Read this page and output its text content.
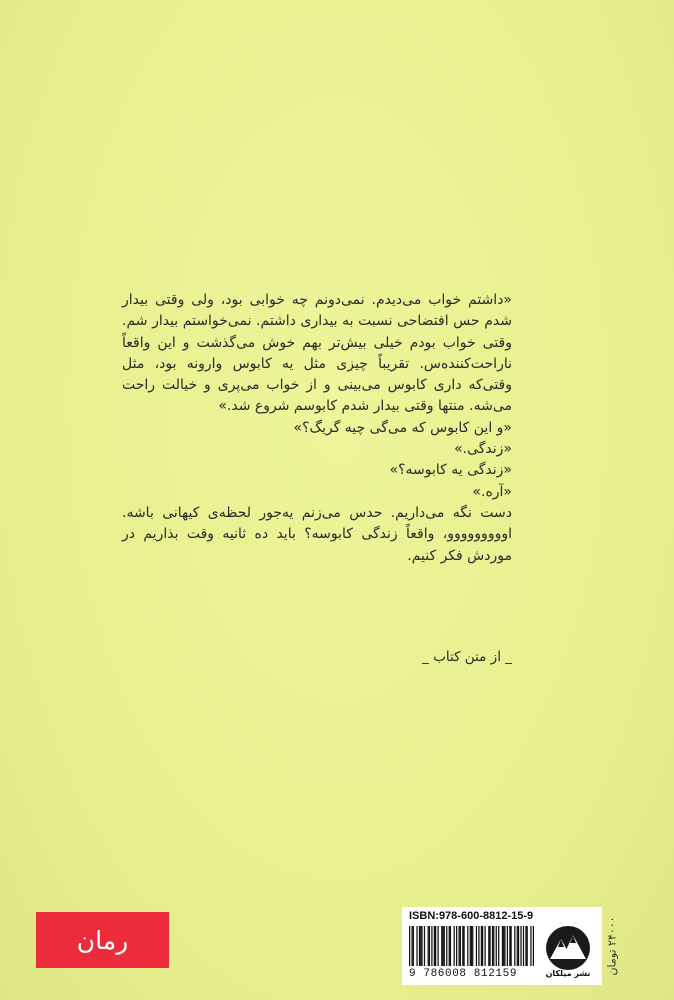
«داشتم خواب می‌دیدم. نمی‌دونم چه خوابی بود، ولی وقتی بیدار شدم حس افتضاحی نسبت به بیداری داشتم. نمی‌خواستم بیدار شم. وقتی خواب بودم خیلی بیش‌تر بهم خوش می‌گذشت و این واقعاً ناراحت‌کننده‌س. تقریباً چیزی مثل یه کابوس وارونه بود، مثل وقتی‌که داری کابوس می‌بینی و از خواب می‌پری و خیالت راحت می‌شه. منتها وقتی بیدار شدم کابوسم شروع شد.»

«و این کابوس که می‌گی چیه گریگ؟»

«زندگی.»

«زندگی یه کابوسه؟»

«آره.»

دست نگه می‌داریم. حدس می‌زنم یه‌جور لحظه‌ی کیهانی باشه. اووووووووو، واقعاً زندگی کابوسه؟ باید ده ثانیه وقت بذاریم در موردش فکر کنیم.

_ از متن کتاب _
رمان
ISBN:978-600-8812-15-9
9 786008 812159	نشر میلکان	۲۴۰۰۰ تومان
